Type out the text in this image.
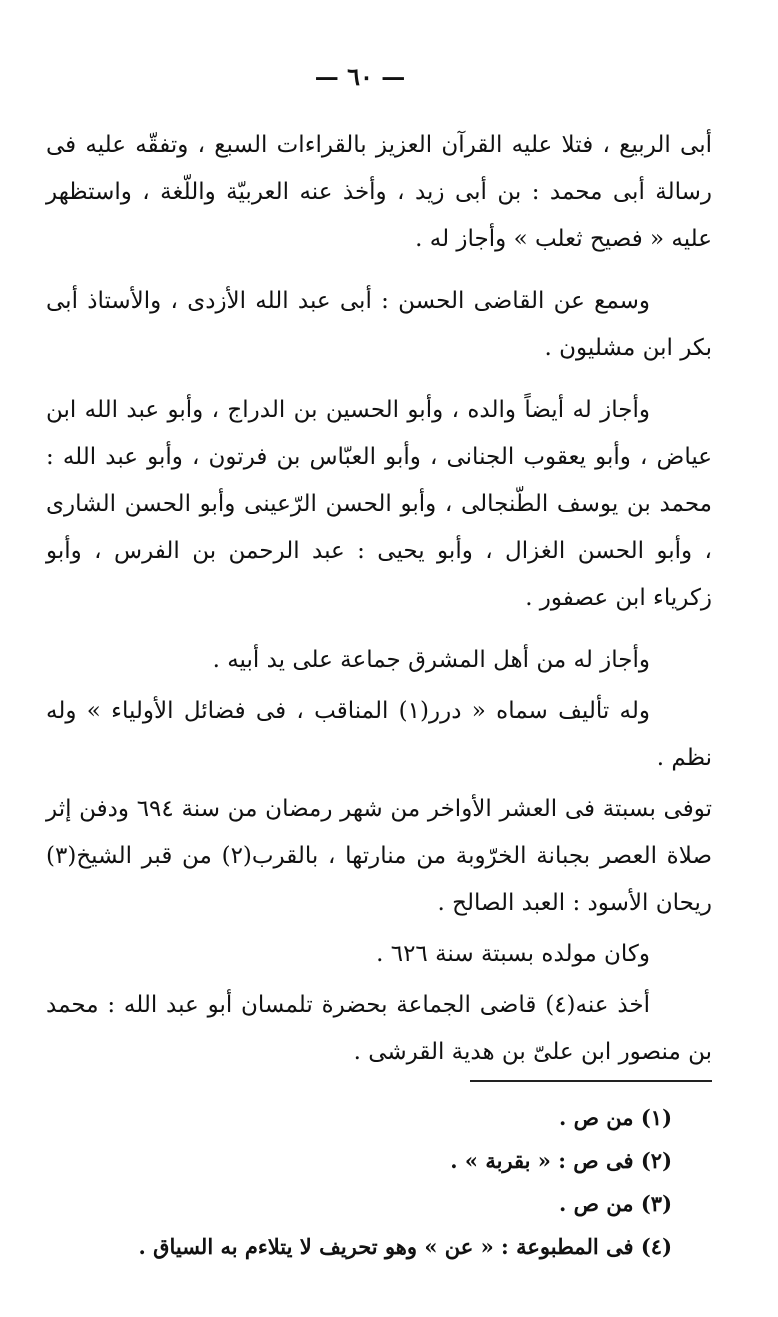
— ٦٠ —

أبى الربيع ، فتلا عليه القرآن العزيز بالقراءات السبع ، وتفقّه عليه فى رسالة أبى محمد : بن أبى زيد ، وأخذ عنه العربيّة واللّغة ، واستظهر عليه « فصيح ثعلب » وأجاز له .

وسمع عن القاضى الحسن : أبى عبد الله الأزدى ، والأستاذ أبى بكر ابن مشليون .

وأجاز له أيضاً والده ، وأبو الحسين بن الدراج ، وأبو عبد الله ابن عياض ، وأبو يعقوب الجنانى ، وأبو العبّاس بن فرتون ، وأبو عبد الله : محمد بن يوسف الطّنجالى ، وأبو الحسن الرّعينى وأبو الحسن الشارى ، وأبو الحسن الغزال ، وأبو يحيى : عبد الرحمن بن الفرس ، وأبو زكرياء ابن عصفور .

وأجاز له من أهل المشرق جماعة على يد أبيه .

وله تأليف سماه « درر(١) المناقب ، فى فضائل الأولياء » وله نظم .

توفى بسبتة فى العشر الأواخر من شهر رمضان من سنة ٦٩٤ ودفن إثر صلاة العصر بجبانة الخرّوبة من منارتها ، بالقرب(٢) من قبر الشيخ(٣) ريحان الأسود : العبد الصالح .

وكان مولده بسبتة سنة ٦٢٦ .

أخذ عنه(٤) قاضى الجماعة بحضرة تلمسان أبو عبد الله : محمد بن منصور ابن علىّ بن هدية القرشى .

(١) من ص .
(٢) فى ص : « بقربة » .
(٣) من ص .
(٤) فى المطبوعة : « عن » وهو تحريف لا يتلاءم به السياق .
